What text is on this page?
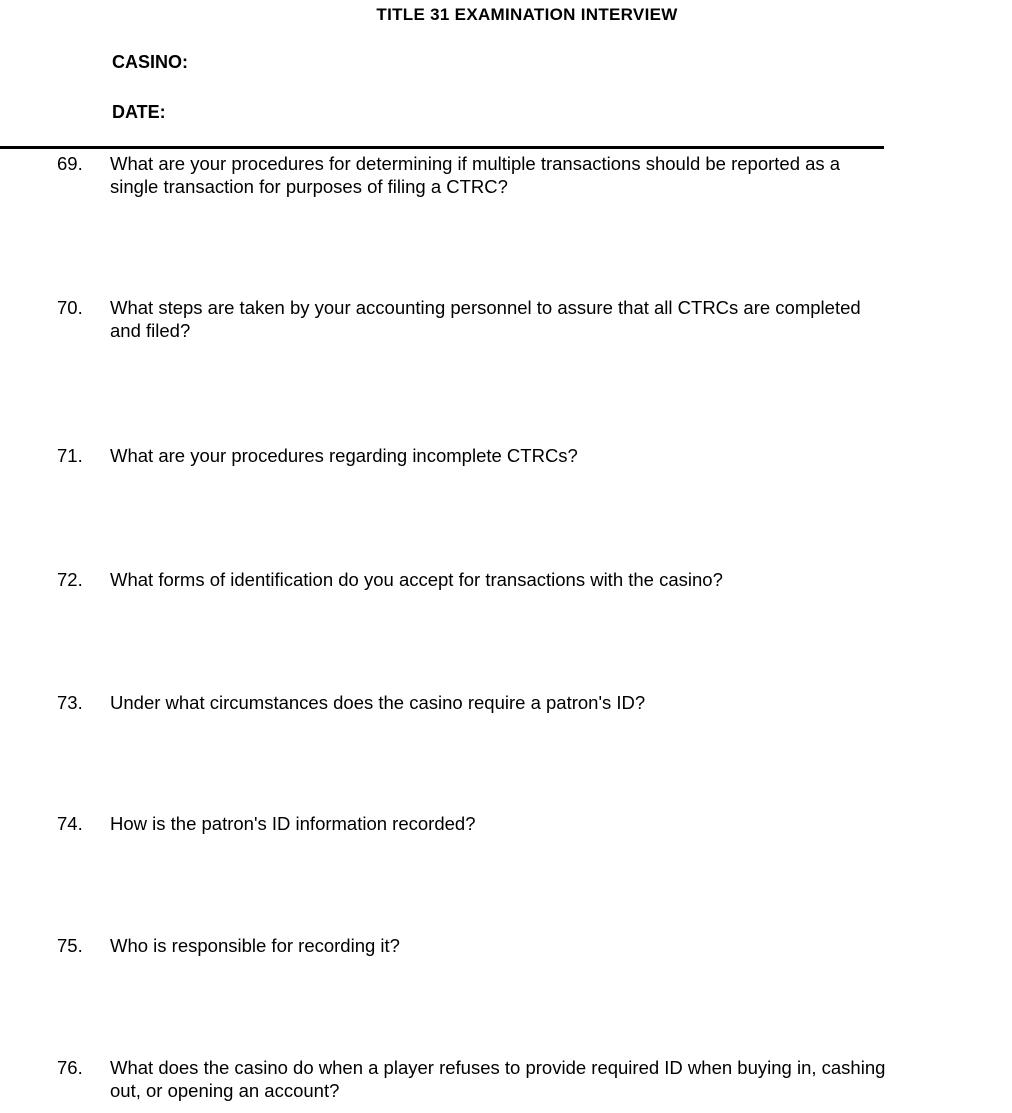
TITLE 31 EXAMINATION INTERVIEW
CASINO:
DATE:
69.	What are your procedures for determining if multiple transactions should be reported as a
single transaction for purposes of filing a CTRC?
70.	What steps are taken by your accounting personnel to assure that all CTRCs are completed
and filed?
71.	What are your procedures regarding incomplete CTRCs?
72.	What forms of identification do you accept for transactions with the casino?
73.	Under what circumstances does the casino require a patron's ID?
74.	How is the patron's ID information recorded?
75.	Who is responsible for recording it?
76.	What does the casino do when a player refuses to provide required ID when buying in, cashing
out, or opening an account?
